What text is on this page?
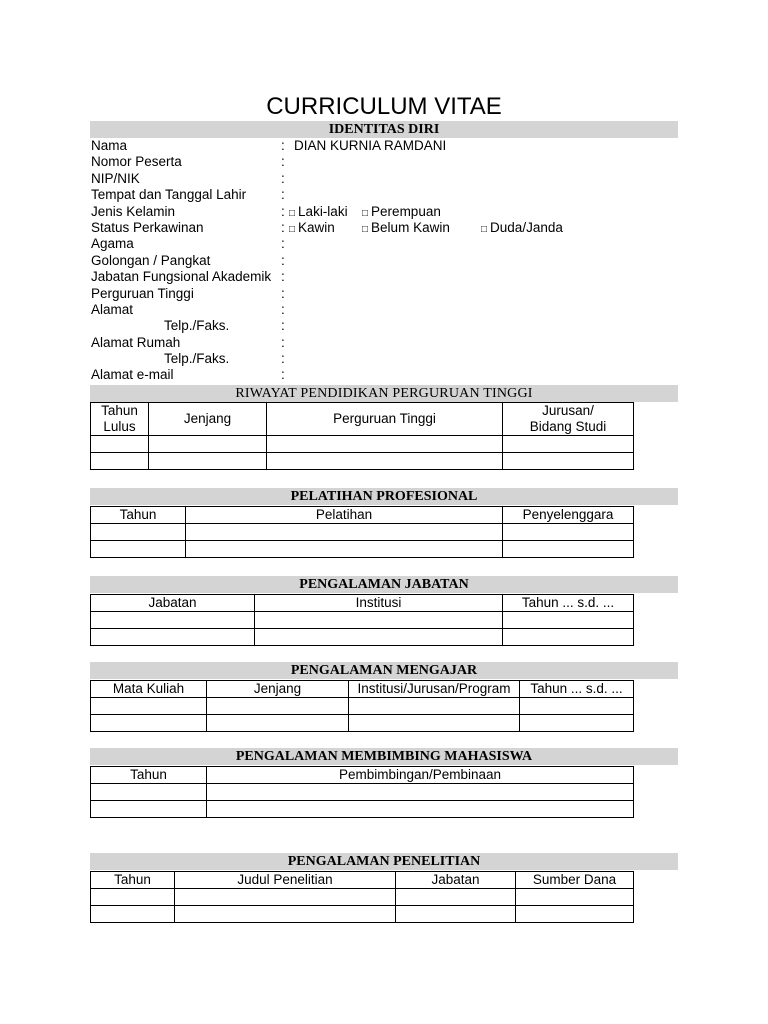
CURRICULUM VITAE
IDENTITAS DIRI
Nama	: DIAN KURNIA RAMDANI
Nomor Peserta	:
NIP/NIK	:
Tempat dan Tanggal Lahir	:
Jenis Kelamin	: □ Laki-laki □ Perempuan
Status Perkawinan	: □ Kawin	□ Belum Kawin	□ Duda/Janda
Agama	:
Golongan / Pangkat	:
Jabatan Fungsional Akademik :
Perguruan Tinggi	:
Alamat	:
Telp./Faks.	:
Alamat Rumah	:
Telp./Faks.	:
Alamat e-mail	:
RIWAYAT PENDIDIKAN PERGURUAN TINGGI
Tahun
Lulus	Jenjang	Perguruan Tinggi	Jurusan/
Bidang Studi

PELATIHAN PROFESIONAL
Tahun	Pelatihan	Penyelenggara

PENGALAMAN JABATAN
Jabatan	Institusi	Tahun ... s.d. ...

PENGALAMAN MENGAJAR
Mata Kuliah	Jenjang	Institusi/Jurusan/Program	Tahun ... s.d. ...

PENGALAMAN MEMBIMBING MAHASISWA
Tahun	Pembimbingan/Pembinaan

PENGALAMAN PENELITIAN
Tahun	Judul Penelitian	Jabatan	Sumber Dana
